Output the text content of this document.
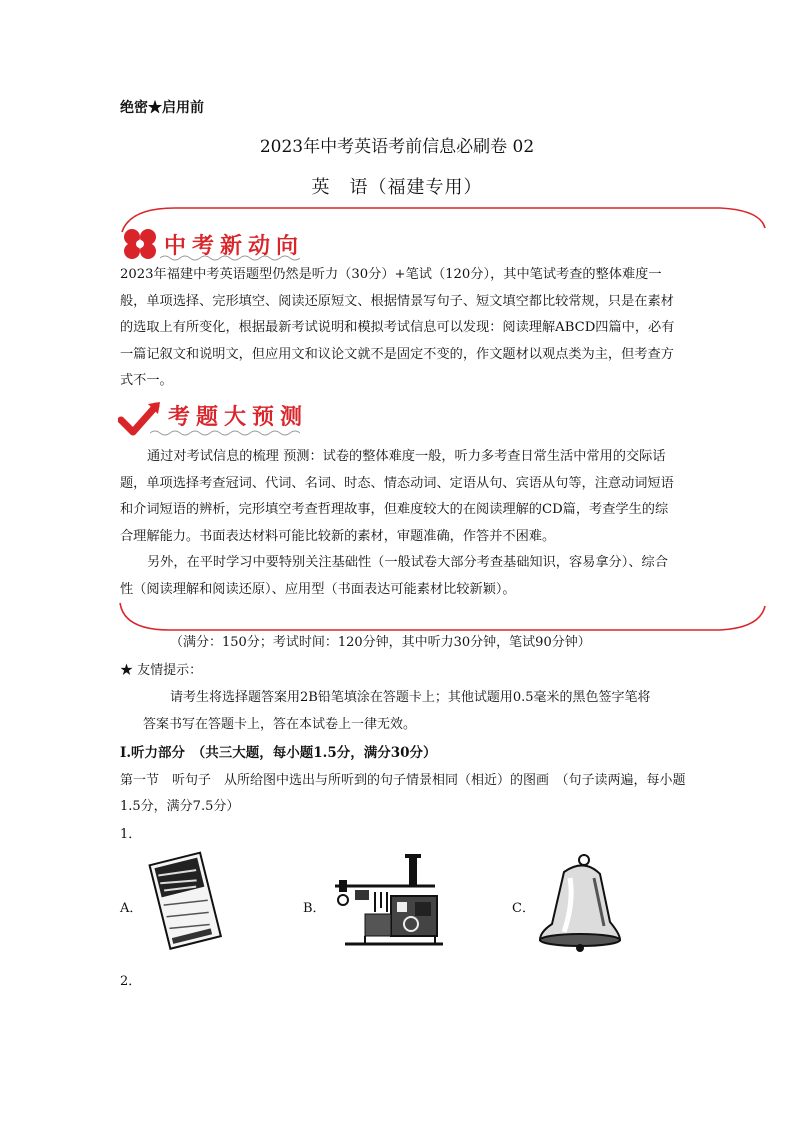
绝密★启用前
2023年中考英语考前信息必刷卷 02
英　语（福建专用）
中考新动向
2023年福建中考英语题型仍然是听力（30分）+笔试（120分），其中笔试考查的整体难度一般，单项选择、完形填空、阅读还原短文、根据情景写句子、短文填空都比较常规，只是在素材的选取上有所变化，根据最新考试说明和模拟考试信息可以发现：阅读理解ABCD四篇中，必有一篇记叙文和说明文，但应用文和议论文就不是固定不变的，作文题材以观点类为主，但考查方式不一。
考题大预测
通过对考试信息的梳理 预测：试卷的整体难度一般，听力多考查日常生活中常用的交际话题，单项选择考查冠词、代词、名词、时态、情态动词、定语从句、宾语从句等，注意动词短语和介词短语的辨析，完形填空考查哲理故事，但难度较大的在阅读理解的CD篇，考查学生的综合理解能力。书面表达材料可能比较新的素材，审题准确，作答并不困难。
另外，在平时学习中要特别关注基础性（一般试卷大部分考查基础知识，容易拿分）、综合性（阅读理解和阅读还原）、应用型（书面表达可能素材比较新颖）。
（满分：150分；考试时间：120分钟，其中听力30分钟，笔试90分钟）
★ 友情提示：
请考生将选择题答案用2B铅笔填涂在答题卡上；其他试题用0.5毫米的黑色签字笔将
答案书写在答题卡上，答在本试卷上一律无效。
Ⅰ.听力部分　（共三大题，每小题1.5分，满分30分）
第一节　听句子　从所给图中选出与所听到的句子情景相同（相近）的图画　（句子读两遍，每小题1.5分，满分7.5分）
1．
A．	B．	C．
2．
